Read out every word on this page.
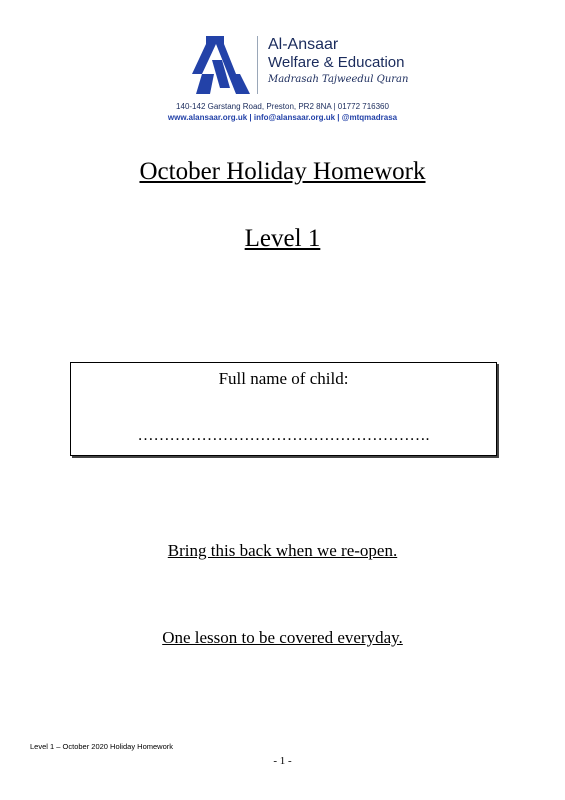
Al-Ansaar
Welfare & Education
Madrasah Tajweedul Quran
140-142 Garstang Road, Preston, PR2 8NA | 01772 716360
www.alansaar.org.uk | info@alansaar.org.uk | @mtqmadrasa
October Holiday Homework
Level 1
Full name of child:
……………………………………………….
Bring this back when we re-open.
One lesson to be covered everyday.
Level 1 – October 2020 Holiday Homework
- 1 -
